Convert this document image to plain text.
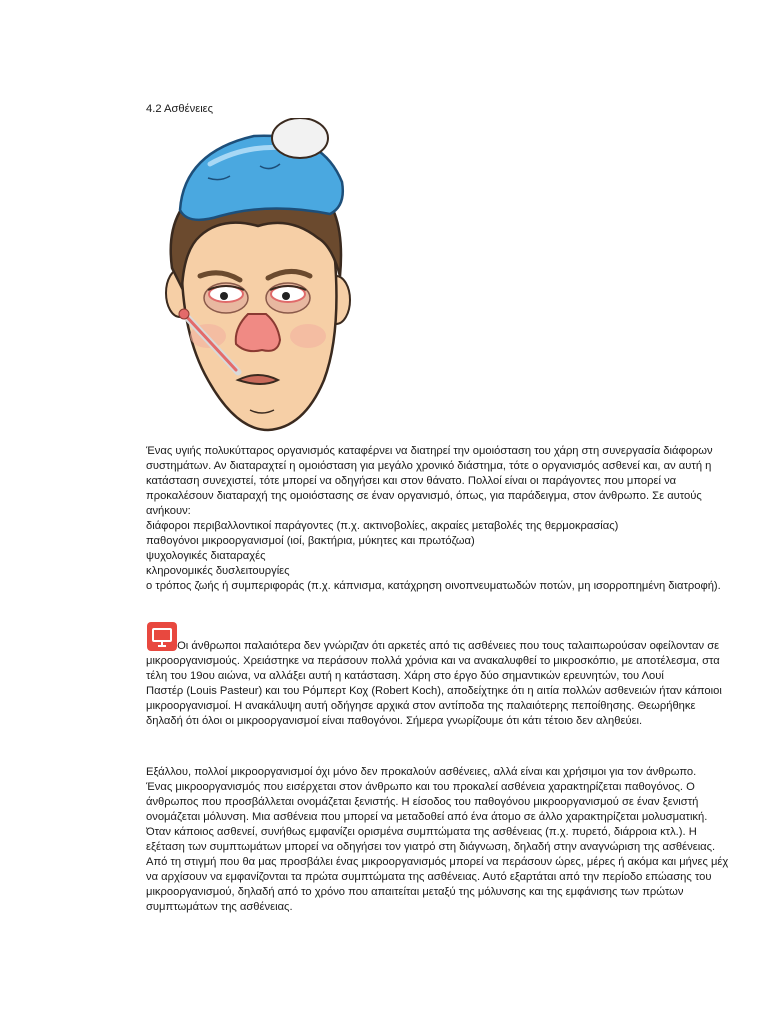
4.2 Ασθένειες
Ένας υγιής πολυκύτταρος οργανισμός καταφέρνει να διατηρεί την ομοιόσταση του χάρη στη συνεργασία διάφορων
συστημάτων. Αν διαταραχτεί η ομοιόσταση για μεγάλο χρονικό διάστημα, τότε ο οργανισμός ασθενεί και, αν αυτή η
κατάσταση συνεχιστεί, τότε μπορεί να οδηγήσει και στον θάνατο. Πολλοί είναι οι παράγοντες που μπορεί να
προκαλέσουν διαταραχή της ομοιόστασης σε έναν οργανισμό, όπως, για παράδειγμα, στον άνθρωπο. Σε αυτούς
ανήκουν:
διάφοροι περιβαλλοντικοί παράγοντες (π.χ. ακτινοβολίες, ακραίες μεταβολές της θερμοκρασίας)
παθογόνοι μικροοργανισμοί (ιοί, βακτήρια, μύκητες και πρωτόζωα)
ψυχολογικές διαταραχές
κληρονομικές δυσλειτουργίες
ο τρόπος ζωής ή συμπεριφοράς (π.χ. κάπνισμα, κατάχρηση οινοπνευματωδών ποτών, μη ισορροπημένη διατροφή).
Οι άνθρωποι παλαιότερα δεν γνώριζαν ότι αρκετές από τις ασθένειες που τους ταλαιπωρούσαν οφείλονταν σε
μικροοργανισμούς. Χρειάστηκε να περάσουν πολλά χρόνια και να ανακαλυφθεί το μικροσκόπιο, με αποτέλεσμα, στα
τέλη του 19ου αιώνα, να αλλάξει αυτή η κατάσταση. Χάρη στο έργο δύο σημαντικών ερευνητών, του Λουί
Παστέρ (Louis Pasteur) και του Ρόμπερτ Κοχ (Robert Koch), αποδείχτηκε ότι η αιτία πολλών ασθενειών ήταν κάποιοι
μικροοργανισμοί. Η ανακάλυψη αυτή οδήγησε αρχικά στον αντίποδα της παλαιότερης πεποίθησης. Θεωρήθηκε
δηλαδή ότι όλοι οι μικροοργανισμοί είναι παθογόνοι. Σήμερα γνωρίζουμε ότι κάτι τέτοιο δεν αληθεύει.
Εξάλλου, πολλοί μικροοργανισμοί όχι μόνο δεν προκαλούν ασθένειες, αλλά είναι και χρήσιμοι για τον άνθρωπο.
Ένας μικροοργανισμός που εισέρχεται στον άνθρωπο και του προκαλεί ασθένεια χαρακτηρίζεται παθογόνος. Ο
άνθρωπος που προσβάλλεται ονομάζεται ξενιστής. Η είσοδος του παθογόνου μικροοργανισμού σε έναν ξενιστή
ονομάζεται μόλυνση. Μια ασθένεια που μπορεί να μεταδοθεί από ένα άτομο σε άλλο χαρακτηρίζεται μολυσματική.
Όταν κάποιος ασθενεί, συνήθως εμφανίζει ορισμένα συμπτώματα της ασθένειας (π.χ. πυρετό, διάρροια κτλ.). Η
εξέταση των συμπτωμάτων μπορεί να οδηγήσει τον γιατρό στη διάγνωση, δηλαδή στην αναγνώριση της ασθένειας.
Από τη στιγμή που θα μας προσβάλει ένας μικροοργανισμός μπορεί να περάσουν ώρες, μέρες ή ακόμα και μήνες μέχ
να αρχίσουν να εμφανίζονται τα πρώτα συμπτώματα της ασθένειας. Αυτό εξαρτάται από την περίοδο επώασης του
μικροοργανισμού, δηλαδή από το χρόνο που απαιτείται μεταξύ της μόλυνσης και της εμφάνισης των πρώτων
συμπτωμάτων της ασθένειας.
